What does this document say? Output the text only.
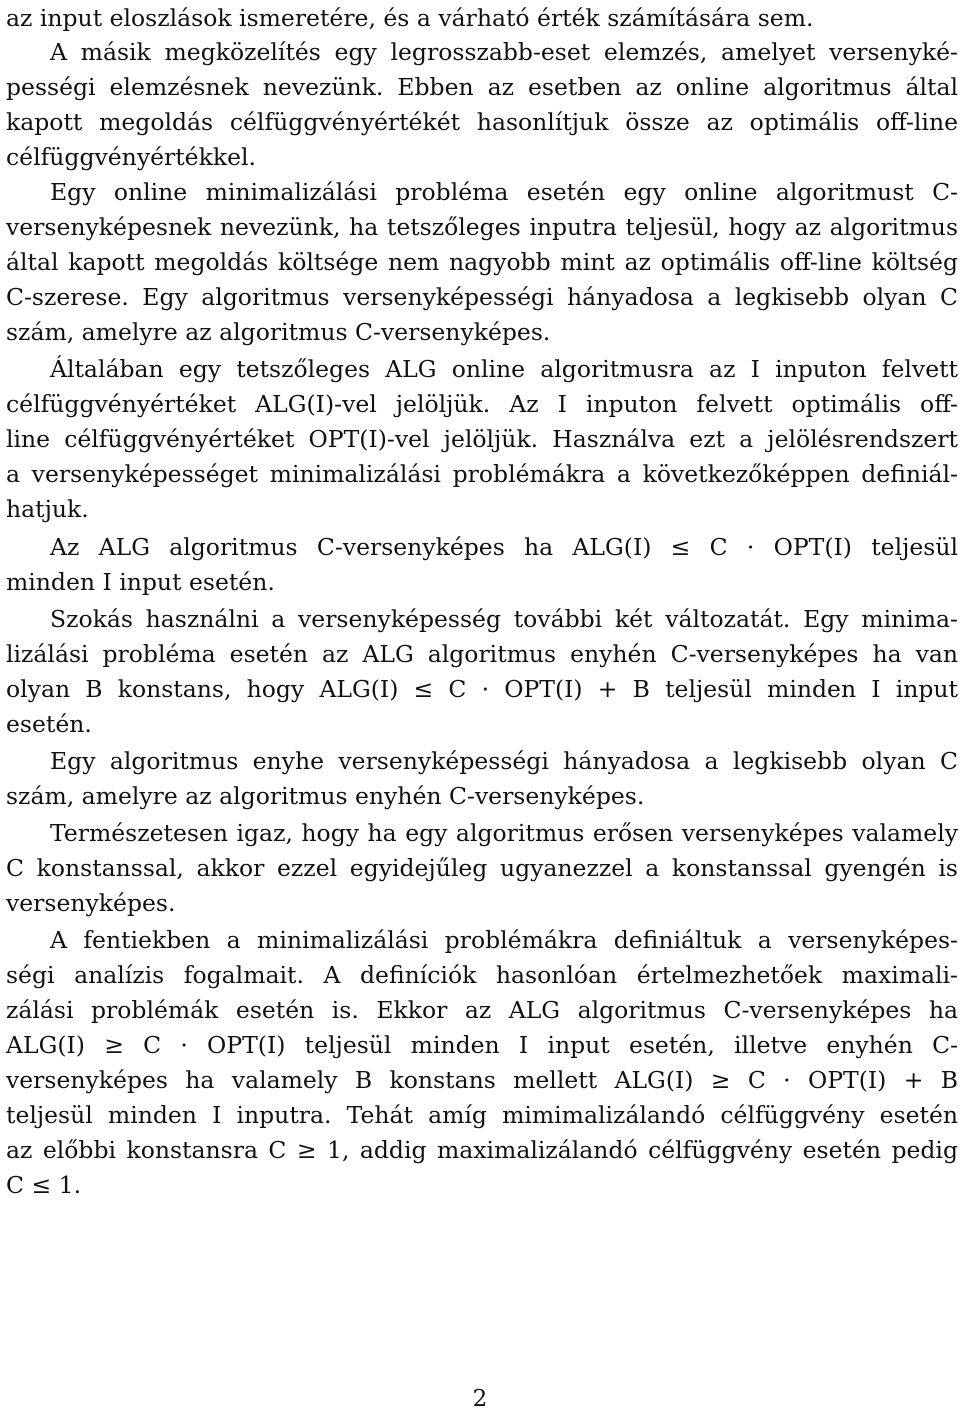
az input eloszlások ismeretére, és a várható érték számítására sem.
A másik megközelítés egy legrosszabb-eset elemzés, amelyet versenyké-
pességi elemzésnek nevezünk. Ebben az esetben az online algoritmus által
kapott megoldás célfüggvényértékét hasonlítjuk össze az optimális off-line
célfüggvényértékkel.
Egy online minimalizálási probléma esetén egy online algoritmust C-
versenyképesnek nevezünk, ha tetszőleges inputra teljesül, hogy az algoritmus
által kapott megoldás költsége nem nagyobb mint az optimális off-line költség
C-szerese. Egy algoritmus versenyképességi hányadosa a legkisebb olyan C
szám, amelyre az algoritmus C-versenyképes.
Általában egy tetszőleges ALG online algoritmusra az I inputon felvett
célfüggvényértéket ALG(I)-vel jelöljük. Az I inputon felvett optimális off-
line célfüggvényértéket OPT(I)-vel jelöljük. Használva ezt a jelölésrendszert
a versenyképességet minimalizálási problémákra a következőképpen definiál-
hatjuk.
Az ALG algoritmus C-versenyképes ha ALG(I) ≤ C · OPT(I) teljesül
minden I input esetén.
Szokás használni a versenyképesség további két változatát. Egy minima-
lizálási probléma esetén az ALG algoritmus enyhén C-versenyképes ha van
olyan B konstans, hogy ALG(I) ≤ C · OPT(I) + B teljesül minden I input
esetén.
Egy algoritmus enyhe versenyképességi hányadosa a legkisebb olyan C
szám, amelyre az algoritmus enyhén C-versenyképes.
Természetesen igaz, hogy ha egy algoritmus erősen versenyképes valamely
C konstanssal, akkor ezzel egyidejűleg ugyanezzel a konstanssal gyengén is
versenyképes.
A fentiekben a minimalizálási problémákra definiáltuk a versenyképes-
ségi analízis fogalmait. A definíciók hasonlóan értelmezhetőek maximali-
zálási problémák esetén is. Ekkor az ALG algoritmus C-versenyképes ha
ALG(I) ≥ C · OPT(I) teljesül minden I input esetén, illetve enyhén C-
versenyképes ha valamely B konstans mellett ALG(I) ≥ C · OPT(I) + B
teljesül minden I inputra. Tehát amíg mimimalizálandó célfüggvény esetén
az előbbi konstansra C ≥ 1, addig maximalizálandó célfüggvény esetén pedig
C ≤ 1.
2
